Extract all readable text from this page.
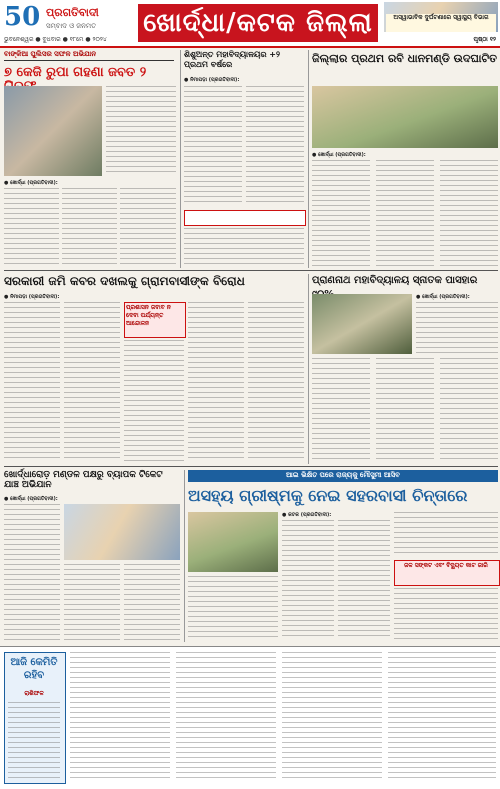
50 ପ୍ରଗତିବାଦୀ
ସମ୍ବାଦ ଓ ଜନମତ
ଭୁବନେଶ୍ୱର ● ବୁଧବାର ● ୧୮ମେ ● ୨୦୨୪
ଖୋର୍ଦ୍ଧା/କଟକ ଜିଲ୍ଲା	ଅସ୍ୱାଭାବିକ ଦୁର୍ଘଟଣାରେ ସ୍ୱାସ୍ଥ୍ୟ ବିଭାଗ
ପୃଷ୍ଠା ୧୨
ବାଙ୍କିଆ ପୁଲିସର ସଫଳ ଅଭିଯାନ
୭ କେଜି ରୁପା ଗହଣା ଜବତ ୨
● ଖୋର୍ଦ୍ଧା (ପ୍ରଗତିବାଦୀ):
ଶିଶୁଅନ୍ତ ମହାବିଦ୍ୟାଳୟର +୨ ପ୍ରଥମ ବର୍ଷରେ
● ନିମାପଡ଼ା (ପ୍ରଗତିବାଦୀ):
ଜିଲ୍ଲାର ପ୍ରଥମ ରବି ଧାନମଣ୍ଡି ଉଦଘାଟିତ
● ଖୋର୍ଦ୍ଧା (ପ୍ରଗତିବାଦୀ):
ସରକାରୀ ଜମି କବର ଦଖଲକୁ ଗ୍ରାମବାସୀଙ୍କ ବିରୋଧ
● ନିମାପଡ଼ା (ପ୍ରଗତିବାଦୀ):
ପ୍ରଶାସନ ଜବାବ ନ ଦେବା ପର୍ଯ୍ୟନ୍ତ ଆନ୍ଦୋଳନ
ପ୍ରାଣନାଥ ମହାବିଦ୍ୟାଳୟ ସ୍ନାତକ ପାସହାର
● ଖୋର୍ଦ୍ଧା (ପ୍ରଗତିବାଦୀ):
ଖୋର୍ଦ୍ଧାରୋଡ଼ ମଣ୍ଡଳ ପକ୍ଷରୁ ବ୍ୟାପକ ଟିକେଟ ଯାଞ୍ଚ ଅଭିଯାନ
● ଖୋର୍ଦ୍ଧା (ପ୍ରଗତିବାଦୀ):
ଆଇ ଭିକ୍ଷିତ ପରେ ରାଜ୍ୟକୁ ମୌସୁମୀ ଆସିବ
ଅସହ୍ୟ ଗ୍ରୀଷ୍ମକୁ ନେଇ ସହରବାସୀ ଚିନ୍ତାରେ
● କଟକ (ପ୍ରଗତିବାଦୀ):
ଜଳ ସଙ୍କଟ ଏବଂ ବିଦ୍ୟୁତ କାଟ ଜାରି
ଆଜି କେମିତି ରହିବ
ରାଶିଫଳ
